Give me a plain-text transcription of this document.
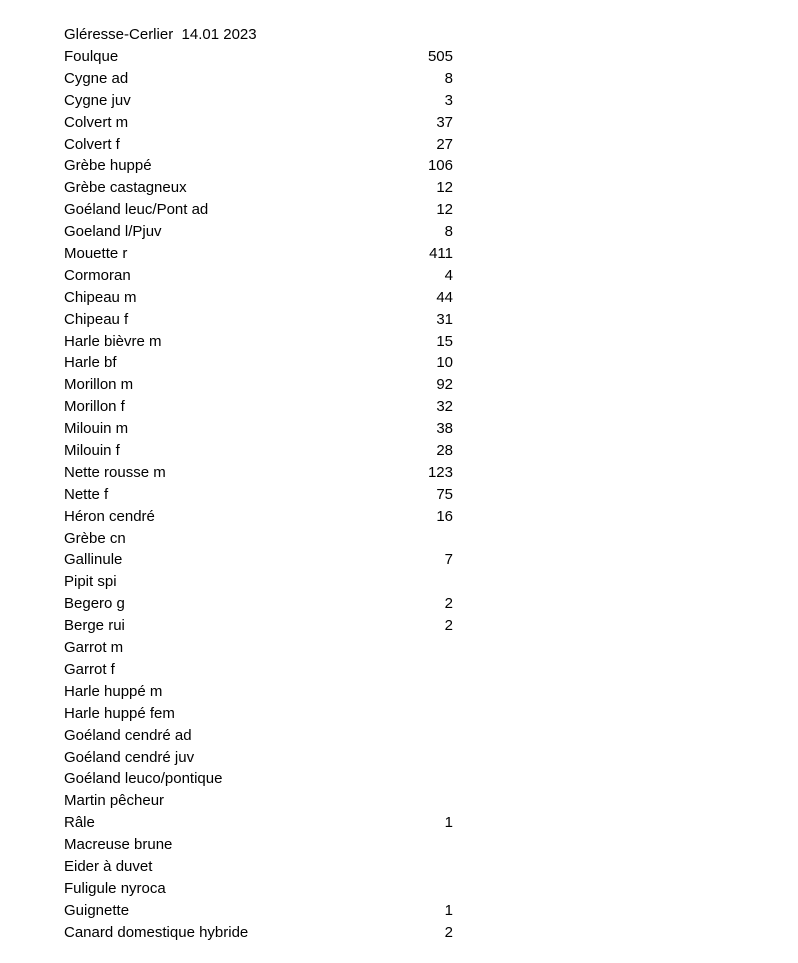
Gléresse-Cerlier  14.01 2023
Foulque	505
Cygne ad	8
Cygne juv	3
Colvert m	37
Colvert f	27
Grèbe huppé	106
Grèbe castagneux	12
Goéland leuc/Pont ad	12
Goeland l/Pjuv	8
Mouette r	411
Cormoran	4
Chipeau m	44
Chipeau f	31
Harle bièvre m	15
Harle bf	10
Morillon m	92
Morillon f	32
Milouin m	38
Milouin f	28
Nette rousse m	123
Nette f	75
Héron cendré	16
Grèbe cn
Gallinule	7
Pipit spi
Begero g	2
Berge rui	2
Garrot m
Garrot f
Harle huppé m
Harle huppé fem
Goéland cendré ad
Goéland cendré juv
Goéland leuco/pontique
Martin pêcheur
Râle	1
Macreuse brune
Eider à duvet
Fuligule nyroca
Guignette	1
Canard domestique hybride	2
